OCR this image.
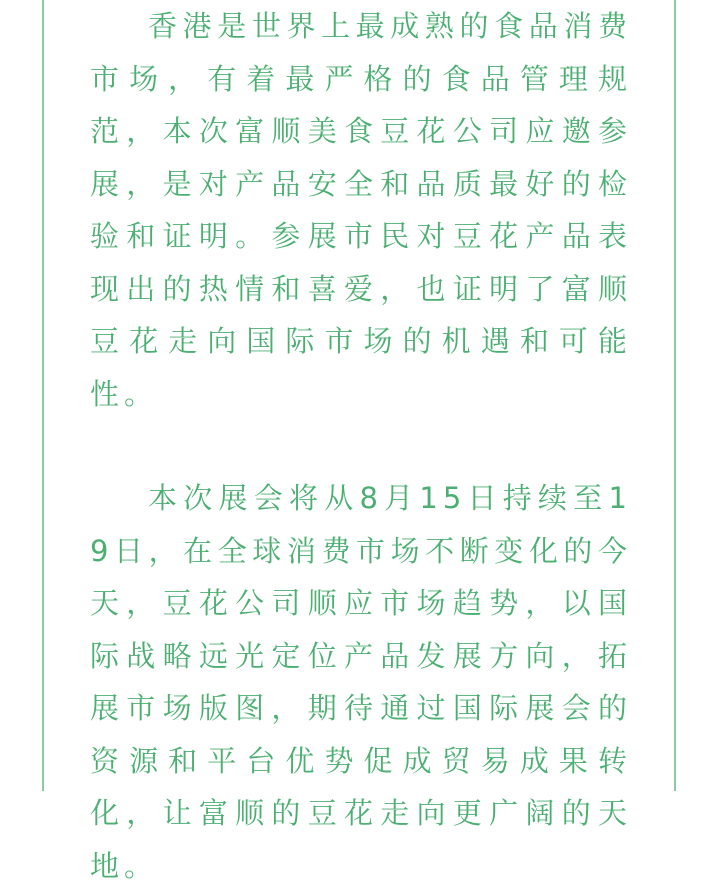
香港是世界上最成熟的食品消费市场，有着最严格的食品管理规范，本次富顺美食豆花公司应邀参展，是对产品安全和品质最好的检验和证明。参展市民对豆花产品表现出的热情和喜爱，也证明了富顺豆花走向国际市场的机遇和可能性。

本次展会将从8月15日持续至19日，在全球消费市场不断变化的今天，豆花公司顺应市场趋势，以国际战略远光定位产品发展方向，拓展市场版图，期待通过国际展会的资源和平台优势促成贸易成果转化，让富顺的豆花走向更广阔的天地。
